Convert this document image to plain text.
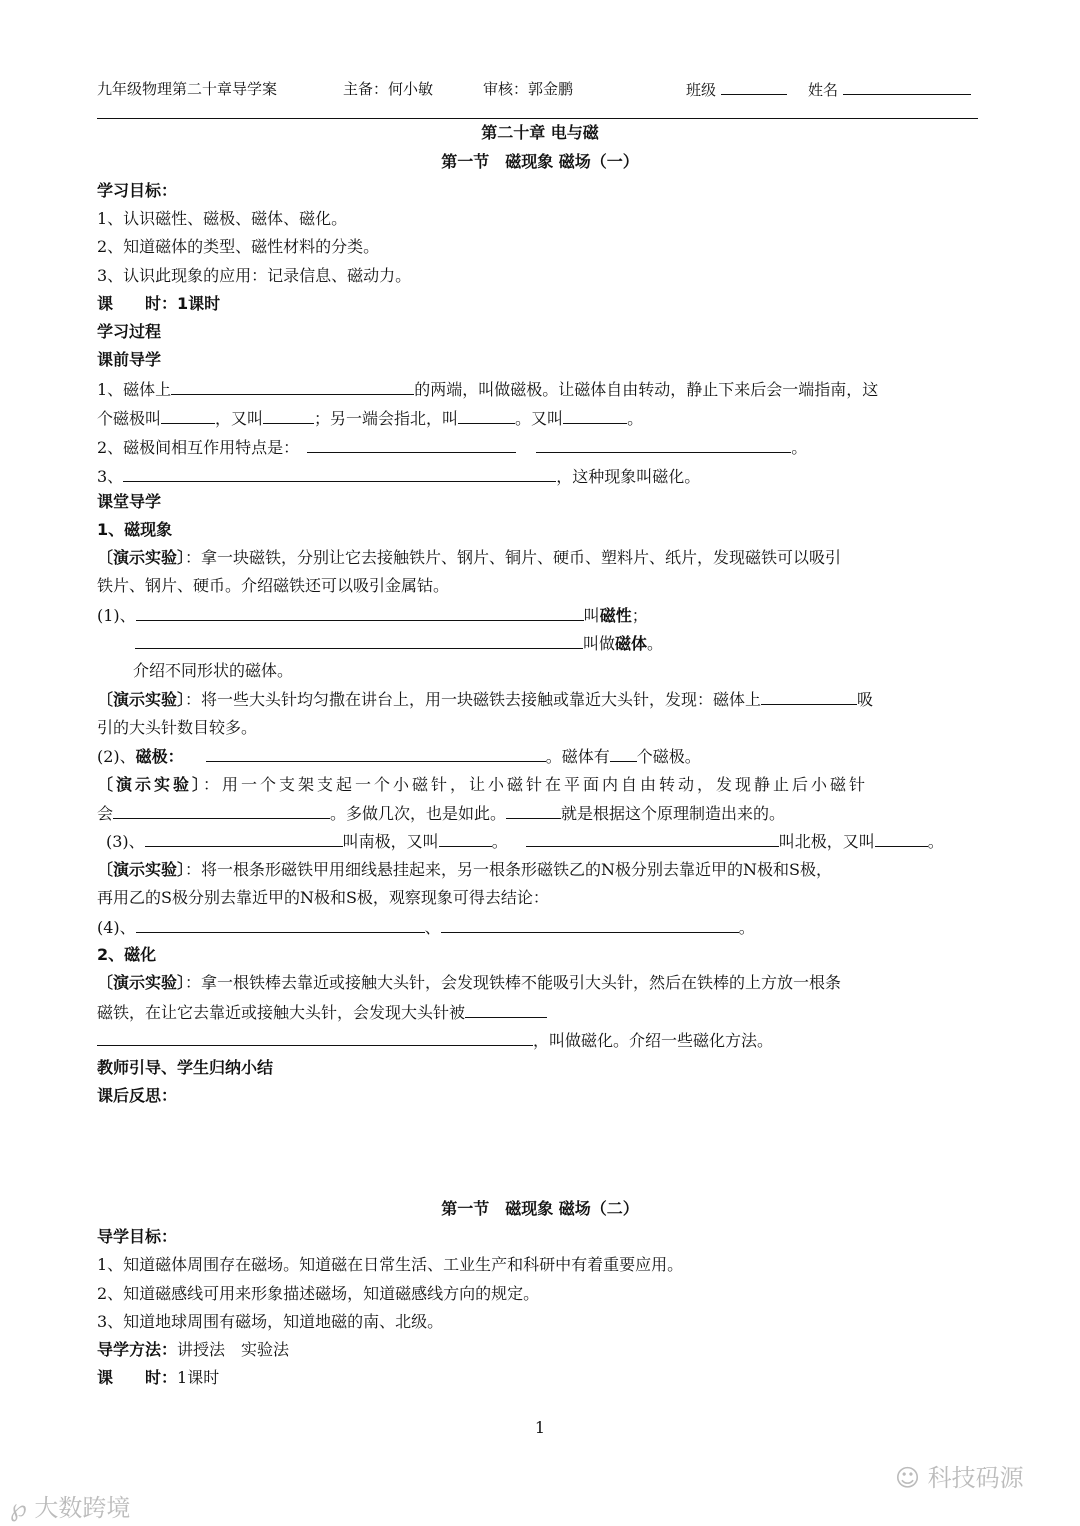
九年级物理第二十章导学案	主备：何小敏	审核：郭金鹏	班级	姓名
第二十章 电与磁
第一节　磁现象 磁场（一）
学习目标：
1、认识磁性、磁极、磁体、磁化。
2、知道磁体的类型、磁性材料的分类。
3、认识此现象的应用：记录信息、磁动力。
课　　时：1课时
学习过程
课前导学
1、磁体上	的两端，叫做磁极。让磁体自由转动，静止下来后会一端指南，这
个磁极叫	，又叫	；另一端会指北，叫	。又叫	。
2、磁极间相互作用特点是：	。
3、	，这种现象叫磁化。
课堂导学
1、磁现象
〔演示实验〕：拿一块磁铁，分别让它去接触铁片、钢片、铜片、硬币、塑料片、纸片，发现磁铁可以吸引
铁片、钢片、硬币。介绍磁铁还可以吸引金属钴。
(1)、	叫磁性；
叫做磁体。
介绍不同形状的磁体。
〔演示实验〕：将一些大头针均匀撒在讲台上，用一块磁铁去接触或靠近大头针，发现：磁体上	吸
引的大头针数目较多。
(2)、磁极：	。磁体有 个磁极。
〔演示实验〕：用一个支架支起一个小磁针，让小磁针在平面内自由转动，发现静止后小磁针
会	。多做几次，也是如此。	就是根据这个原理制造出来的。
(3)、	叫南极，又叫	。	叫北极，又叫	。
〔演示实验〕：将一根条形磁铁甲用细线悬挂起来，另一根条形磁铁乙的N极分别去靠近甲的N极和S极，
再用乙的S极分别去靠近甲的N极和S极，观察现象可得去结论：
(4)、	、	。
2、磁化
〔演示实验〕：拿一根铁棒去靠近或接触大头针，会发现铁棒不能吸引大头针，然后在铁棒的上方放一根条
磁铁，在让它去靠近或接触大头针，会发现大头针被
，叫做磁化。介绍一些磁化方法。
教师引导、学生归纳小结
课后反思：
第一节　磁现象 磁场（二）
导学目标：
1、知道磁体周围存在磁场。知道磁在日常生活、工业生产和科研中有着重要应用。
2、知道磁感线可用来形象描述磁场，知道磁感线方向的规定。
3、知道地球周围有磁场，知道地磁的南、北级。
导学方法：讲授法　实验法
课　　时：1课时
1
℘ 大数跨境
☺ 科技码源
